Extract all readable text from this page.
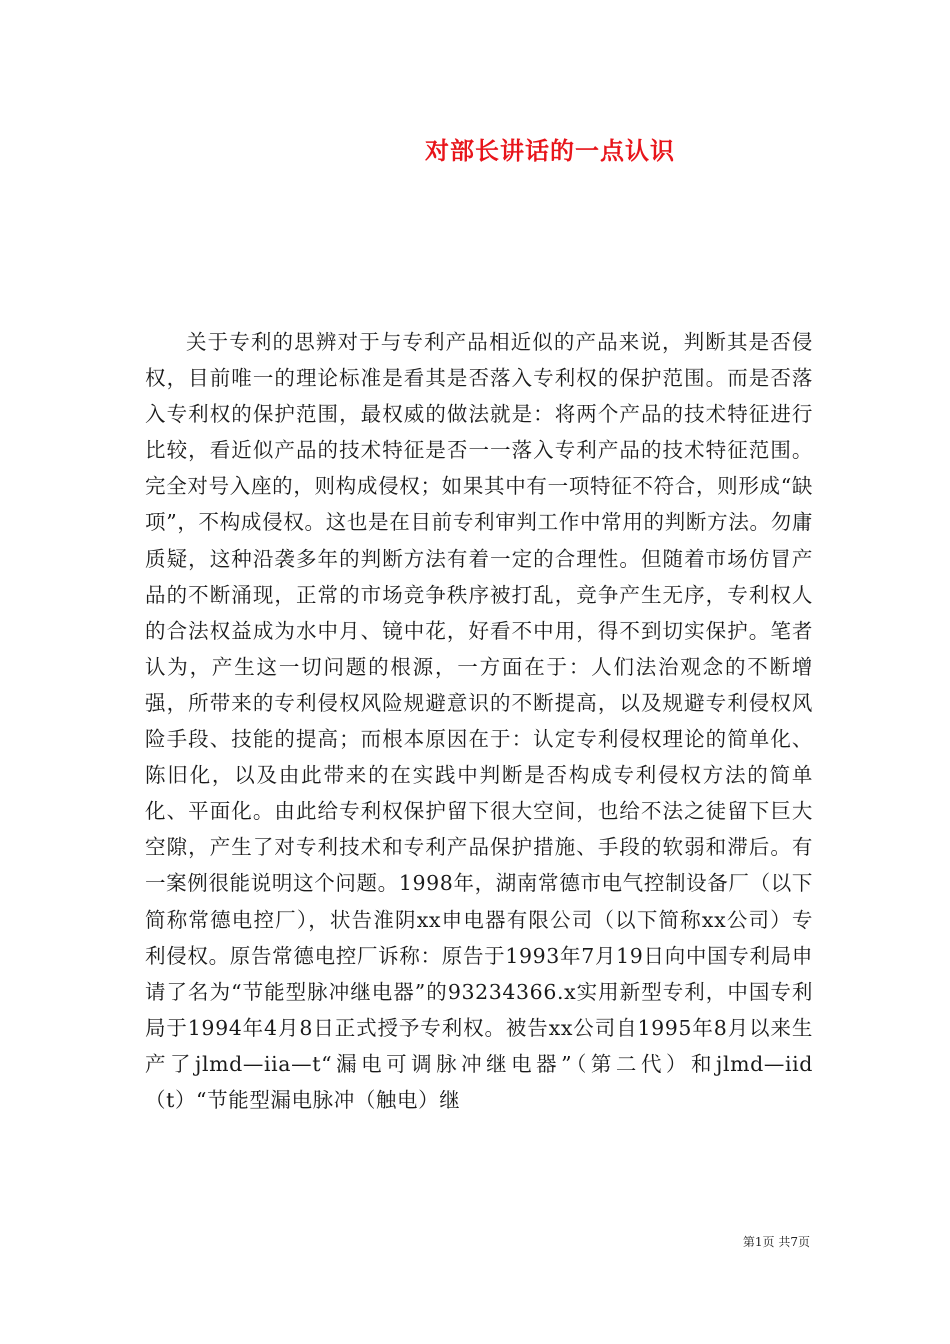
对部长讲话的一点认识

关于专利的思辨对于与专利产品相近似的产品来说，判断其是否侵权，目前唯一的理论标准是看其是否落入专利权的保护范围。而是否落入专利权的保护范围，最权威的做法就是：将两个产品的技术特征进行比较，看近似产品的技术特征是否一一落入专利产品的技术特征范围。完全对号入座的，则构成侵权；如果其中有一项特征不符合，则形成“缺项”，不构成侵权。这也是在目前专利审判工作中常用的判断方法。勿庸质疑，这种沿袭多年的判断方法有着一定的合理性。但随着市场仿冒产品的不断涌现，正常的市场竞争秩序被打乱，竞争产生无序，专利权人的合法权益成为水中月、镜中花，好看不中用，得不到切实保护。笔者认为，产生这一切问题的根源，一方面在于：人们法治观念的不断增强，所带来的专利侵权风险规避意识的不断提高，以及规避专利侵权风险手段、技能的提高；而根本原因在于：认定专利侵权理论的简单化、陈旧化，以及由此带来的在实践中判断是否构成专利侵权方法的简单化、平面化。由此给专利权保护留下很大空间，也给不法之徒留下巨大空隙，产生了对专利技术和专利产品保护措施、手段的软弱和滞后。有一案例很能说明这个问题。1998年，湖南常德市电气控制设备厂（以下简称常德电控厂），状告淮阴xx申电器有限公司（以下简称xx公司）专利侵权。原告常德电控厂诉称：原告于1993年7月19日向中国专利局申请了名为“节能型脉冲继电器”的93234366.x实用新型专利，中国专利局于1994年4月8日正式授予专利权。被告xx公司自1995年8月以来生产了jlmd—iia—t“漏电可调脉冲继电器”（第二代）和jlmd—iid（t）“节能型漏电脉冲（触电）继

第1页 共7页
